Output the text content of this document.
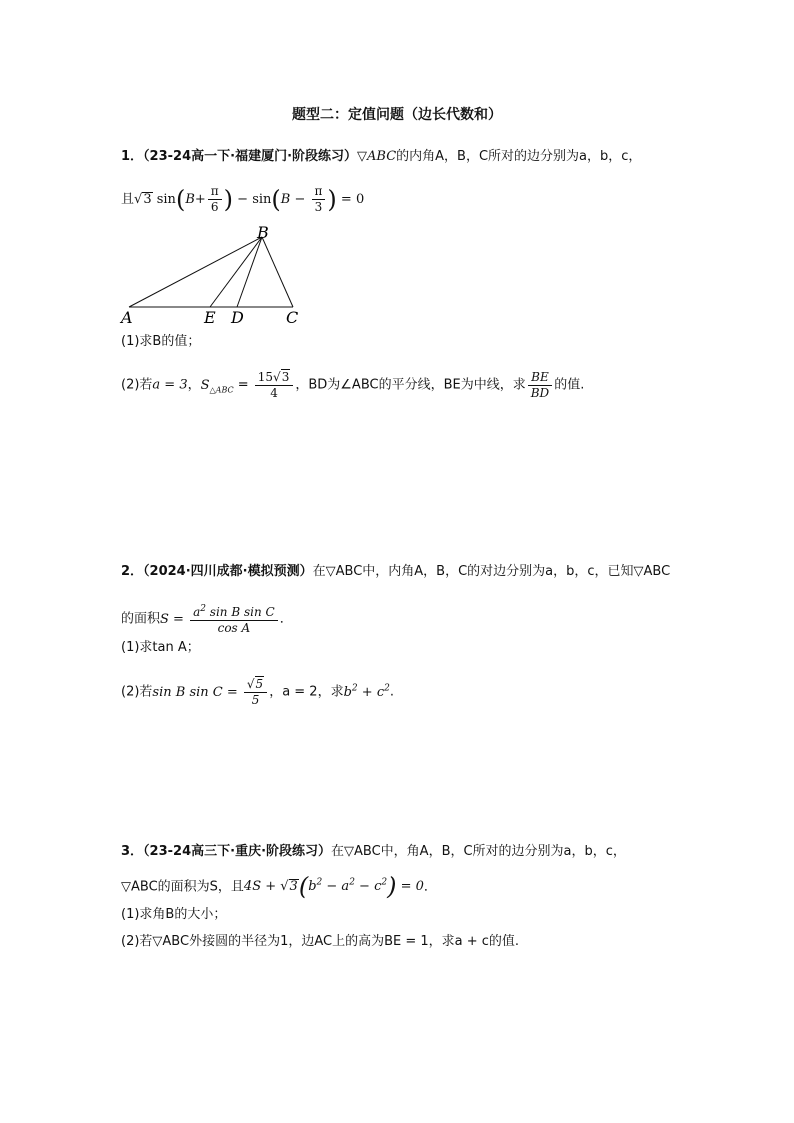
题型二：定值问题（边长代数和）
1．（23-24高一下·福建厦门·阶段练习）▽ABC的内角A，B，C所对的边分别为a，b，c，
且√3 $\sin(B+ \frac{\pi}{6}$ ) − $\sin(B - \frac{\pi}{3}$ ) = 0
B
A	E D	C
(1)求B的值；
(2)若a = 3，$S_{\triangle ABC} = \frac{15√3}{4}$ ，BD为∠ABC的平分线，BE为中线，求 $\frac{BE}{BD}$ 的值.
2．（2024·四川成都·模拟预测）在▽ABC中，内角A，B，C的对边分别为a，b，c，已知▽ABC
的面积$S = \frac{a^2 \sin B \sin C}{\text{cos A}}$ ．
(1)求tan A；
(2)若sin B $\sin C = \frac{√5}{5}$ ，a = 2，求$b^2 + c^2$.
3．（23-24高三下·重庆·阶段练习）在▽ABC中，角A，B，C所对的边分别为a，b，c，
▽ABC的面积为S，且$4S + √3(b^2 - a^2 - c^2) = 0$．
(1)求角B的大小；
(2)若▽ABC外接圆的半径为1，边AC上的高为BE = 1，求a + c的值.
